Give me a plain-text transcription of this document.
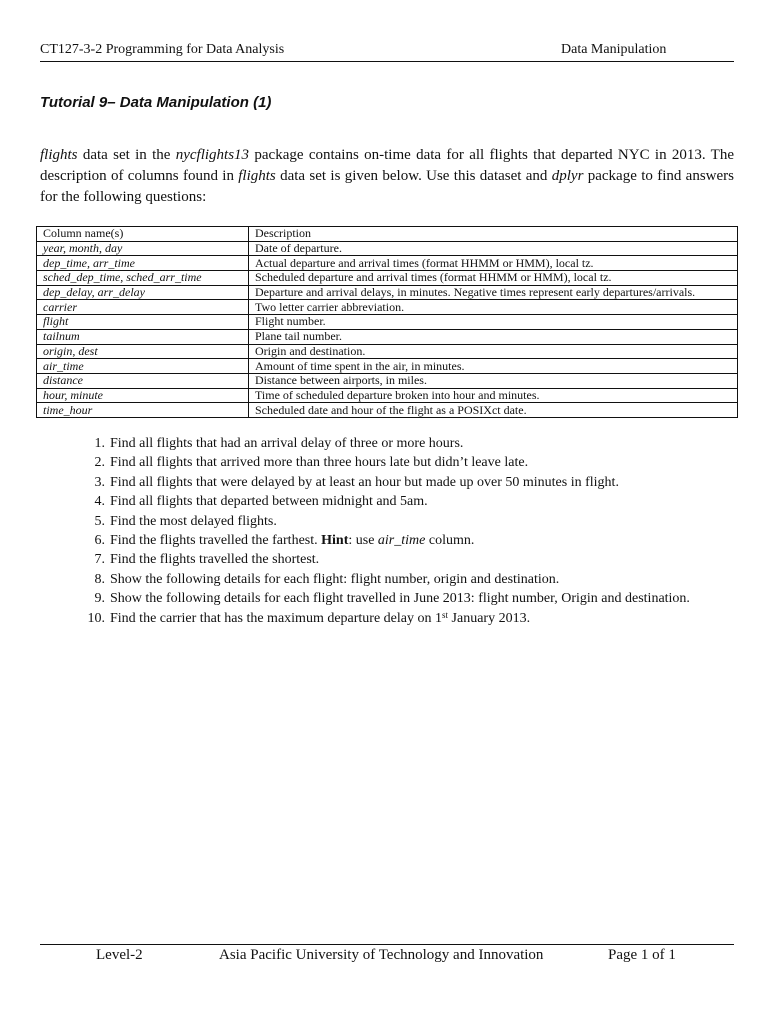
CT127-3-2 Programming for Data Analysis	Data Manipulation
Tutorial 9– Data Manipulation (1)
flights data set in the nycflights13 package contains on-time data for all flights that departed NYC in 2013. The description of columns found in flights data set is given below. Use this dataset and dplyr package to find answers for the following questions:
Column name(s)	Description
year, month, day	Date of departure.
dep_time, arr_time	Actual departure and arrival times (format HHMM or HMM), local tz.
sched_dep_time, sched_arr_time	Scheduled departure and arrival times (format HHMM or HMM), local tz.
dep_delay, arr_delay	Departure and arrival delays, in minutes. Negative times represent early departures/arrivals.
carrier	Two letter carrier abbreviation.
flight	Flight number.
tailnum	Plane tail number.
origin, dest	Origin and destination.
air_time	Amount of time spent in the air, in minutes.
distance	Distance between airports, in miles.
hour, minute	Time of scheduled departure broken into hour and minutes.
time_hour	Scheduled date and hour of the flight as a POSIXct date.
1. Find all flights that had an arrival delay of three or more hours.
2. Find all flights that arrived more than three hours late but didn’t leave late.
3. Find all flights that were delayed by at least an hour but made up over 50 minutes in flight.
4. Find all flights that departed between midnight and 5am.
5. Find the most delayed flights.
6. Find the flights travelled the farthest. Hint: use air_time column.
7. Find the flights travelled the shortest.
8. Show the following details for each flight: flight number, origin and destination.
9. Show the following details for each flight travelled in June 2013: flight number, Origin and destination.
10. Find the carrier that has the maximum departure delay on 1st January 2013.
Level-2	Asia Pacific University of Technology and Innovation	Page 1 of 1
